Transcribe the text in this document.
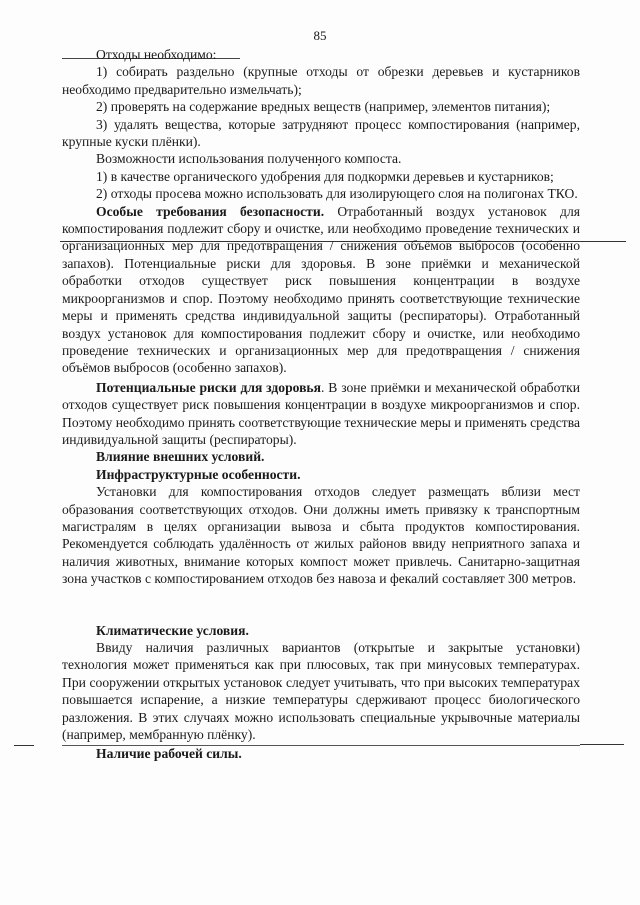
85

Отходы необходимо:

1) собирать раздельно (крупные отходы от обрезки деревьев и кустарников необходимо предварительно измельчать);

2) проверять на содержание вредных веществ (например, элементов питания);

3) удалять вещества, которые затрудняют процесс компостирования (например, крупные куски плёнки).

Возможности использования полученного компоста.

1) в качестве органического удобрения для подкормки деревьев и кустарников;

2) отходы просева можно использовать для изолирующего слоя на полигонах ТКО.

Особые требования безопасности. Отработанный воздух установок для компостирования подлежит сбору и очистке, или необходимо проведение технических и организационных мер для предотвращения / снижения объёмов выбросов (особенно запахов). Потенциальные риски для здоровья. В зоне приёмки и механической обработки отходов существует риск повышения концентрации в воздухе микроорганизмов и спор. Поэтому необходимо принять соответствующие технические меры и применять средства индивидуальной защиты (респираторы). Отработанный воздух установок для компостирования подлежит сбору и очистке, или необходимо проведение технических и организационных мер для предотвращения / снижения объёмов выбросов (особенно запахов).

Потенциальные риски для здоровья. В зоне приёмки и механической обработки отходов существует риск повышения концентрации в воздухе микроорганизмов и спор. Поэтому необходимо принять соответствующие технические меры и применять средства индивидуальной защиты (респираторы).

Влияние внешних условий.

Инфраструктурные особенности.

Установки для компостирования отходов следует размещать вблизи мест образования соответствующих отходов. Они должны иметь привязку к транспортным магистралям в целях организации вывоза и сбыта продуктов компостирования. Рекомендуется соблюдать удалённость от жилых районов ввиду неприятного запаха и наличия животных, внимание которых компост может привлечь. Санитарно-защитная зона участков с компостированием отходов без навоза и фекалий составляет 300 метров.

Климатические условия.

Ввиду наличия различных вариантов (открытые и закрытые установки) технология может применяться как при плюсовых, так при минусовых температурах. При сооружении открытых установок следует учитывать, что при высоких температурах повышается испарение, а низкие температуры сдерживают процесс биологического разложения. В этих случаях можно использовать специальные укрывочные материалы (например, мембранную плёнку).

Наличие рабочей силы.
